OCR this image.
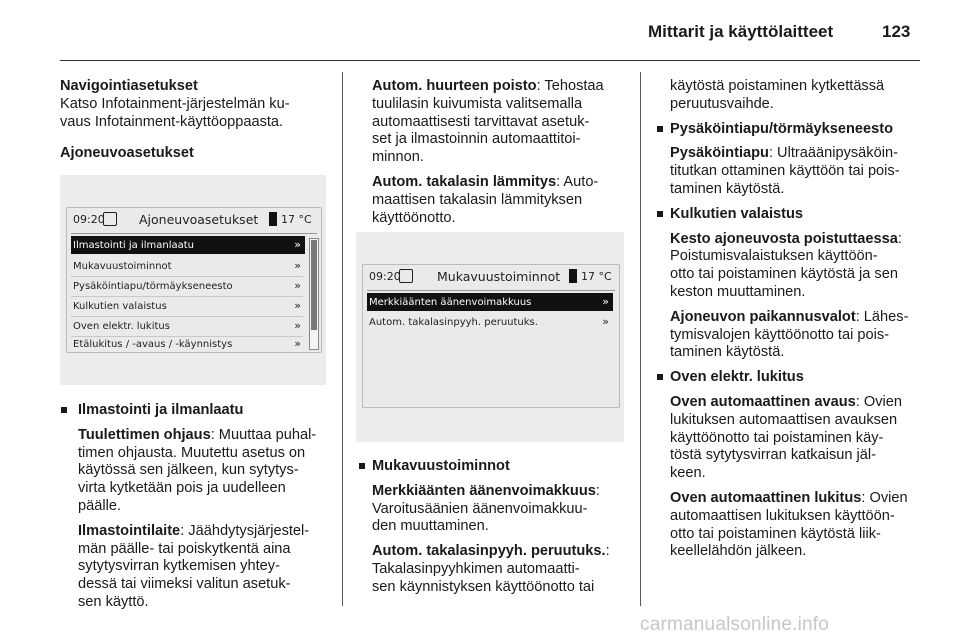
Mittarit ja käyttölaitteet	123
Navigointiasetukset
Katso Infotainment-järjestelmän ku-
vaus Infotainment-käyttöoppaasta.
Ajoneuvoasetukset
09:20	Ajoneuvoasetukset 17 °C
Ilmastointi ja ilmanlaatu	»
Mukavuustoiminnot	»
Pysäköintiapu/törmäykseneesto	»
Kulkutien valaistus	»
Oven elektr. lukitus	»
Etälukitus / -avaus / -käynnistys	»
Ilmastointi ja ilmanlaatu

Tuulettimen ohjaus: Muuttaa puhal-
timen ohjausta. Muutettu asetus on
käytössä sen jälkeen, kun sytytys-
virta kytketään pois ja uudelleen
päälle.

Ilmastointilaite: Jäähdytysjärjestel-
män päälle- tai poiskytkentä aina
sytytysvirran kytkemisen yhtey-
dessä tai viimeksi valitun asetuk-
sen käyttö.

Autom. huurteen poisto: Tehostaa
tuulilasin kuivumista valitsemalla
automaattisesti tarvittavat asetuk-
set ja ilmastoinnin automaattitoi-
minnon.

Autom. takalasin lämmitys: Auto-
maattisen takalasin lämmityksen
käyttöönotto.

09:20	Mukavuustoiminnot 17 °C
Merkkiäänten äänenvoimakkuus	»
Autom. takalasinpyyh. peruutuks.	»
Mukavuustoiminnot

Merkkiäänten äänenvoimakkuus:
Varoitusäänien äänenvoimakkuu-
den muuttaminen.

Autom. takalasinpyyh. peruutuks.:
Takalasinpyyhkimen automaatti-
sen käynnistyksen käyttöönotto tai

käytöstä poistaminen kytkettässä
peruutusvaihde.

Pysäköintiapu/törmäykseneesto

Pysäköintiapu: Ultraäänipysäköin-
titutkan ottaminen käyttöön tai pois-
taminen käytöstä.

Kulkutien valaistus

Kesto ajoneuvosta poistuttaessa:
Poistumisvalaistuksen käyttöön-
otto tai poistaminen käytöstä ja sen
keston muuttaminen.

Ajoneuvon paikannusvalot: Lähes-
tymisvalojen käyttöönotto tai pois-
taminen käytöstä.

Oven elektr. lukitus

Oven automaattinen avaus: Ovien
lukituksen automaattisen avauksen
käyttöönotto tai poistaminen käy-
töstä sytytysvirran katkaisun jäl-
keen.

Oven automaattinen lukitus: Ovien
automaattisen lukituksen käyttöön-
otto tai poistaminen käytöstä liik-
keellelähdön jälkeen.

carmanualsonline.info
